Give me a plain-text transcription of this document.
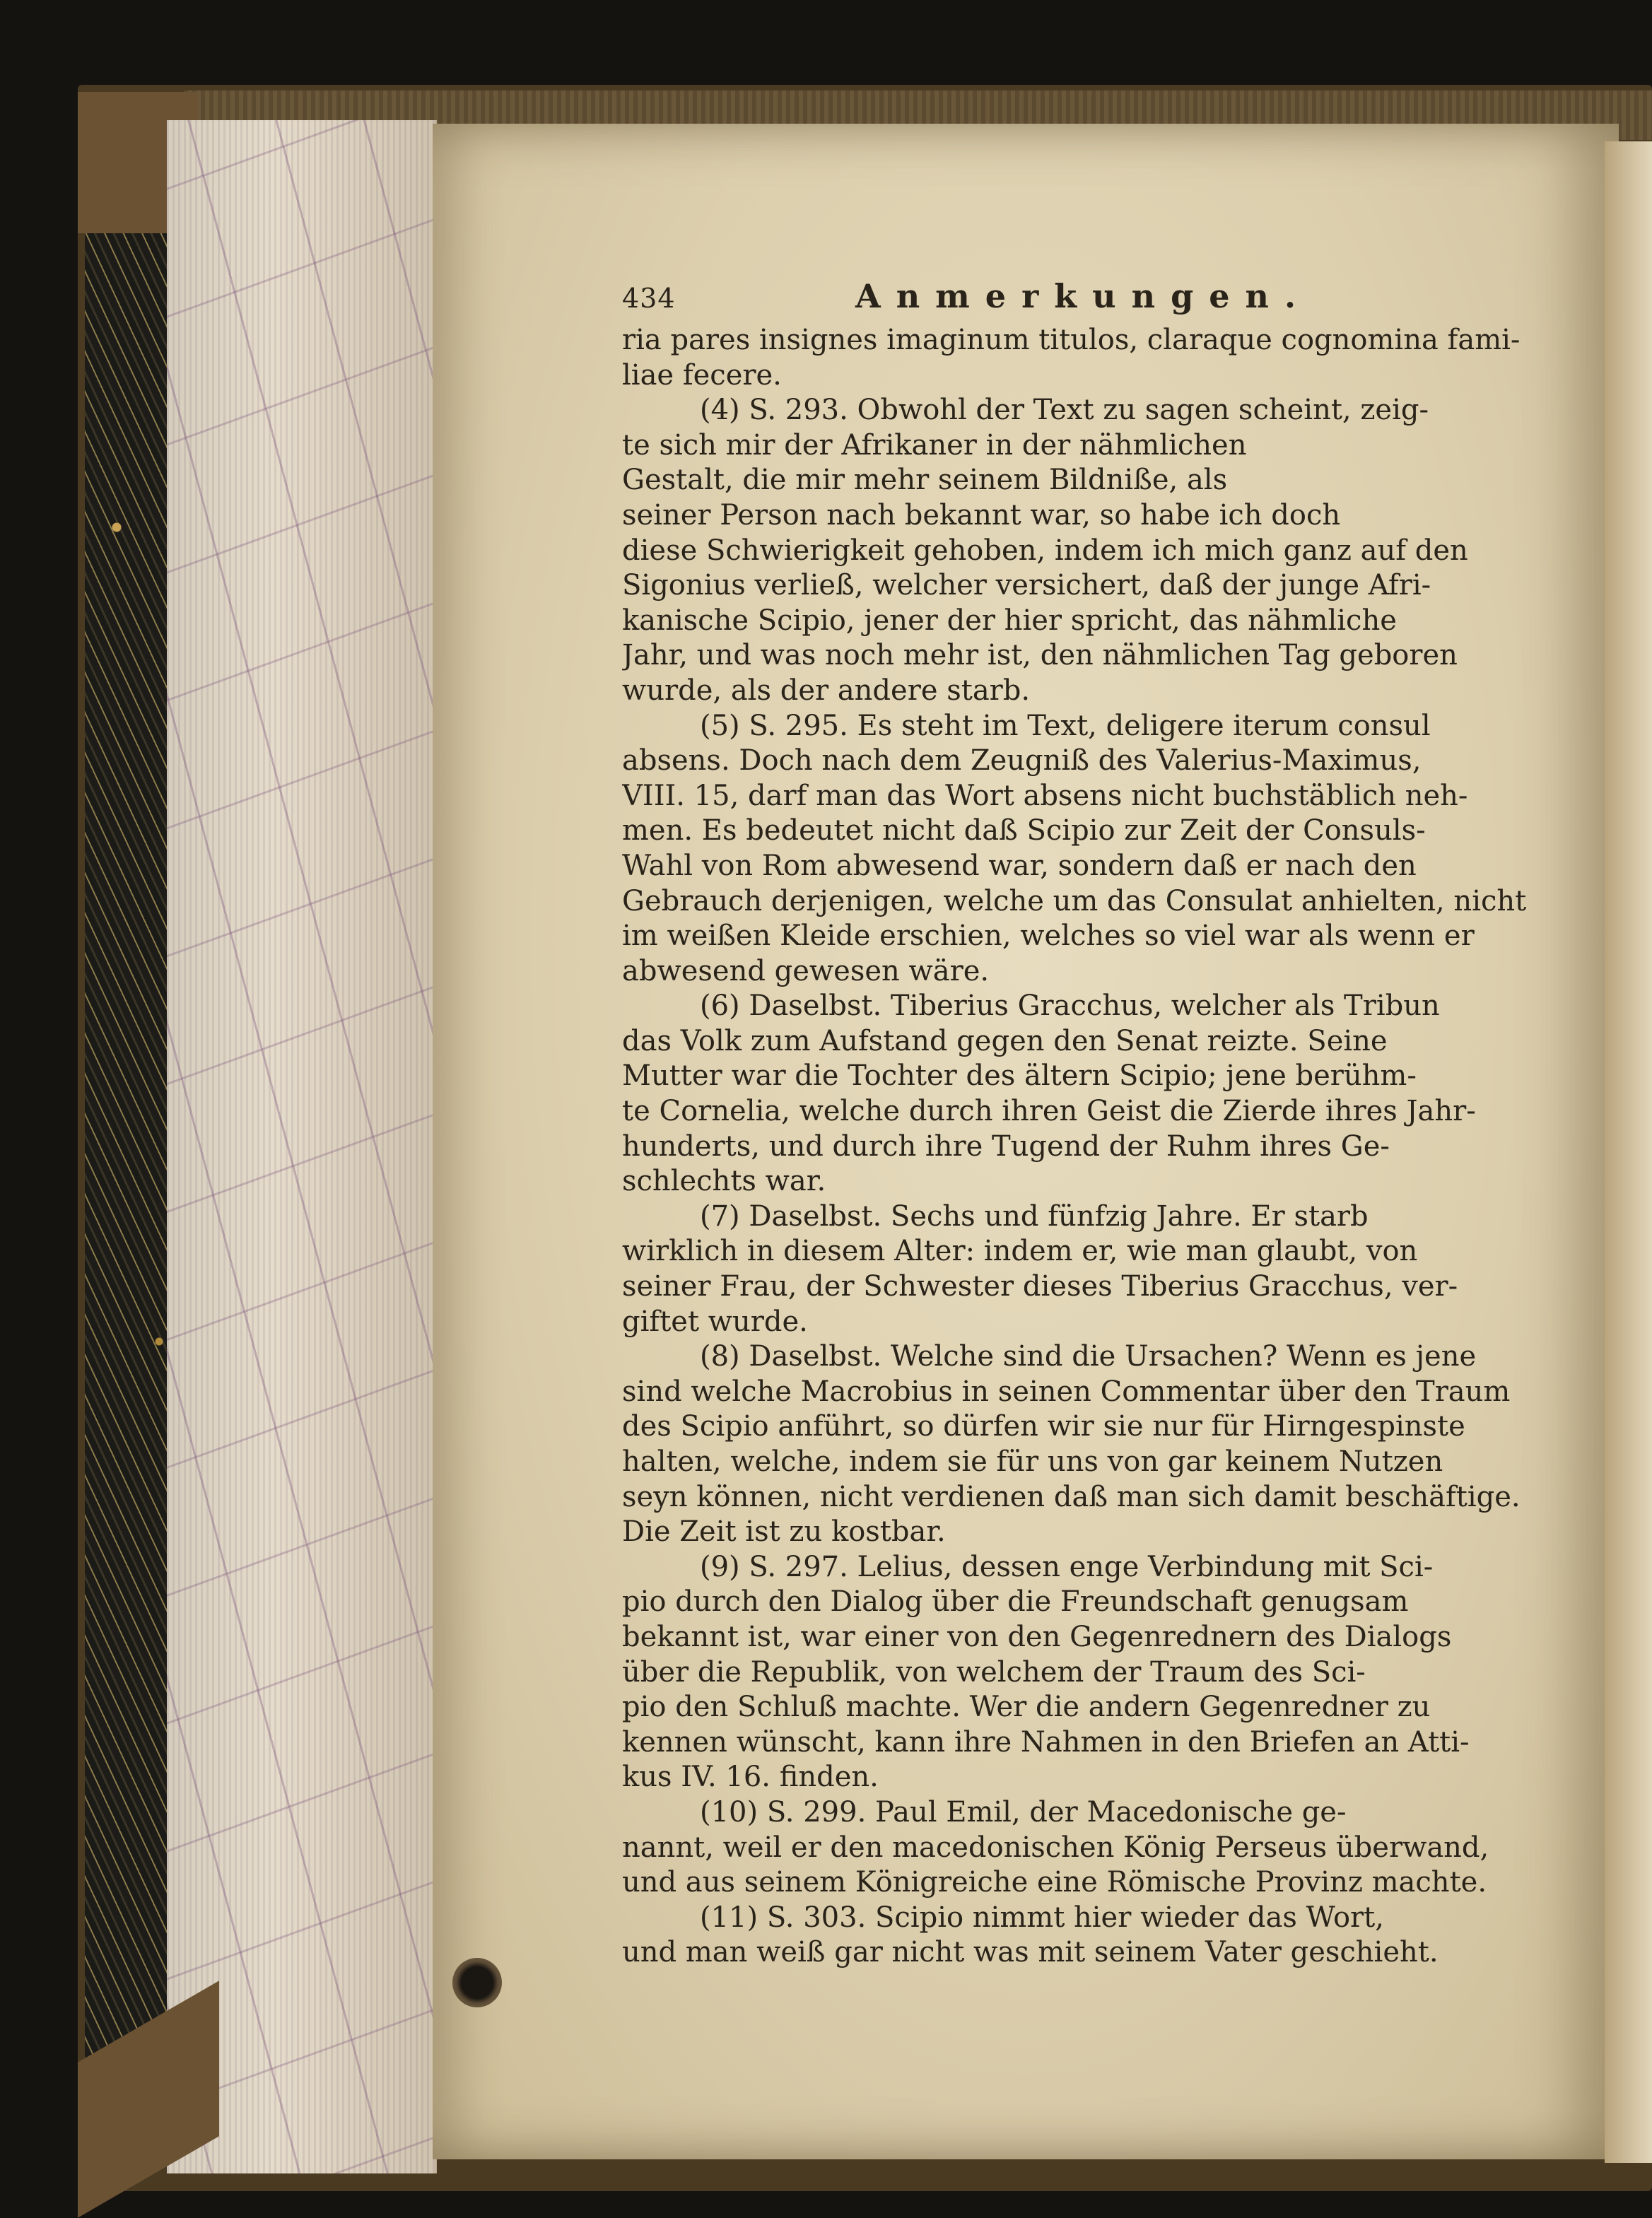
434	Anmerkungen.
ria pares insignes imaginum titulos, claraque cognomina fami-
liae fecere.
(4) S. 293. Obwohl der Text zu sagen scheint, zeig-
te sich mir der Afrikaner in der nähmlichen
Gestalt, die mir mehr seinem Bildniße, als
seiner Person nach bekannt war, so habe ich doch
diese Schwierigkeit gehoben, indem ich mich ganz auf den
Sigonius verließ, welcher versichert, daß der junge Afri-
kanische Scipio, jener der hier spricht, das nähmliche
Jahr, und was noch mehr ist, den nähmlichen Tag geboren
wurde, als der andere starb.
(5) S. 295. Es steht im Text, deligere iterum consul
absens. Doch nach dem Zeugniß des Valerius-Maximus,
VIII. 15, darf man das Wort absens nicht buchstäblich neh-
men. Es bedeutet nicht daß Scipio zur Zeit der Consuls-
Wahl von Rom abwesend war, sondern daß er nach den
Gebrauch derjenigen, welche um das Consulat anhielten, nicht
im weißen Kleide erschien, welches so viel war als wenn er
abwesend gewesen wäre.
(6) Daselbst. Tiberius Gracchus, welcher als Tribun
das Volk zum Aufstand gegen den Senat reizte. Seine
Mutter war die Tochter des ältern Scipio; jene berühm-
te Cornelia, welche durch ihren Geist die Zierde ihres Jahr-
hunderts, und durch ihre Tugend der Ruhm ihres Ge-
schlechts war.
(7) Daselbst. Sechs und fünfzig Jahre. Er starb
wirklich in diesem Alter: indem er, wie man glaubt, von
seiner Frau, der Schwester dieses Tiberius Gracchus, ver-
giftet wurde.
(8) Daselbst. Welche sind die Ursachen? Wenn es jene
sind welche Macrobius in seinen Commentar über den Traum
des Scipio anführt, so dürfen wir sie nur für Hirngespinste
halten, welche, indem sie für uns von gar keinem Nutzen
seyn können, nicht verdienen daß man sich damit beschäftige.
Die Zeit ist zu kostbar.
(9) S. 297. Lelius, dessen enge Verbindung mit Sci-
pio durch den Dialog über die Freundschaft genugsam
bekannt ist, war einer von den Gegenrednern des Dialogs
über die Republik, von welchem der Traum des Sci-
pio den Schluß machte. Wer die andern Gegenredner zu
kennen wünscht, kann ihre Nahmen in den Briefen an Atti-
kus IV. 16. finden.
(10) S. 299. Paul Emil, der Macedonische ge-
nannt, weil er den macedonischen König Perseus überwand,
und aus seinem Königreiche eine Römische Provinz machte.
(11) S. 303. Scipio nimmt hier wieder das Wort,
und man weiß gar nicht was mit seinem Vater geschieht.
